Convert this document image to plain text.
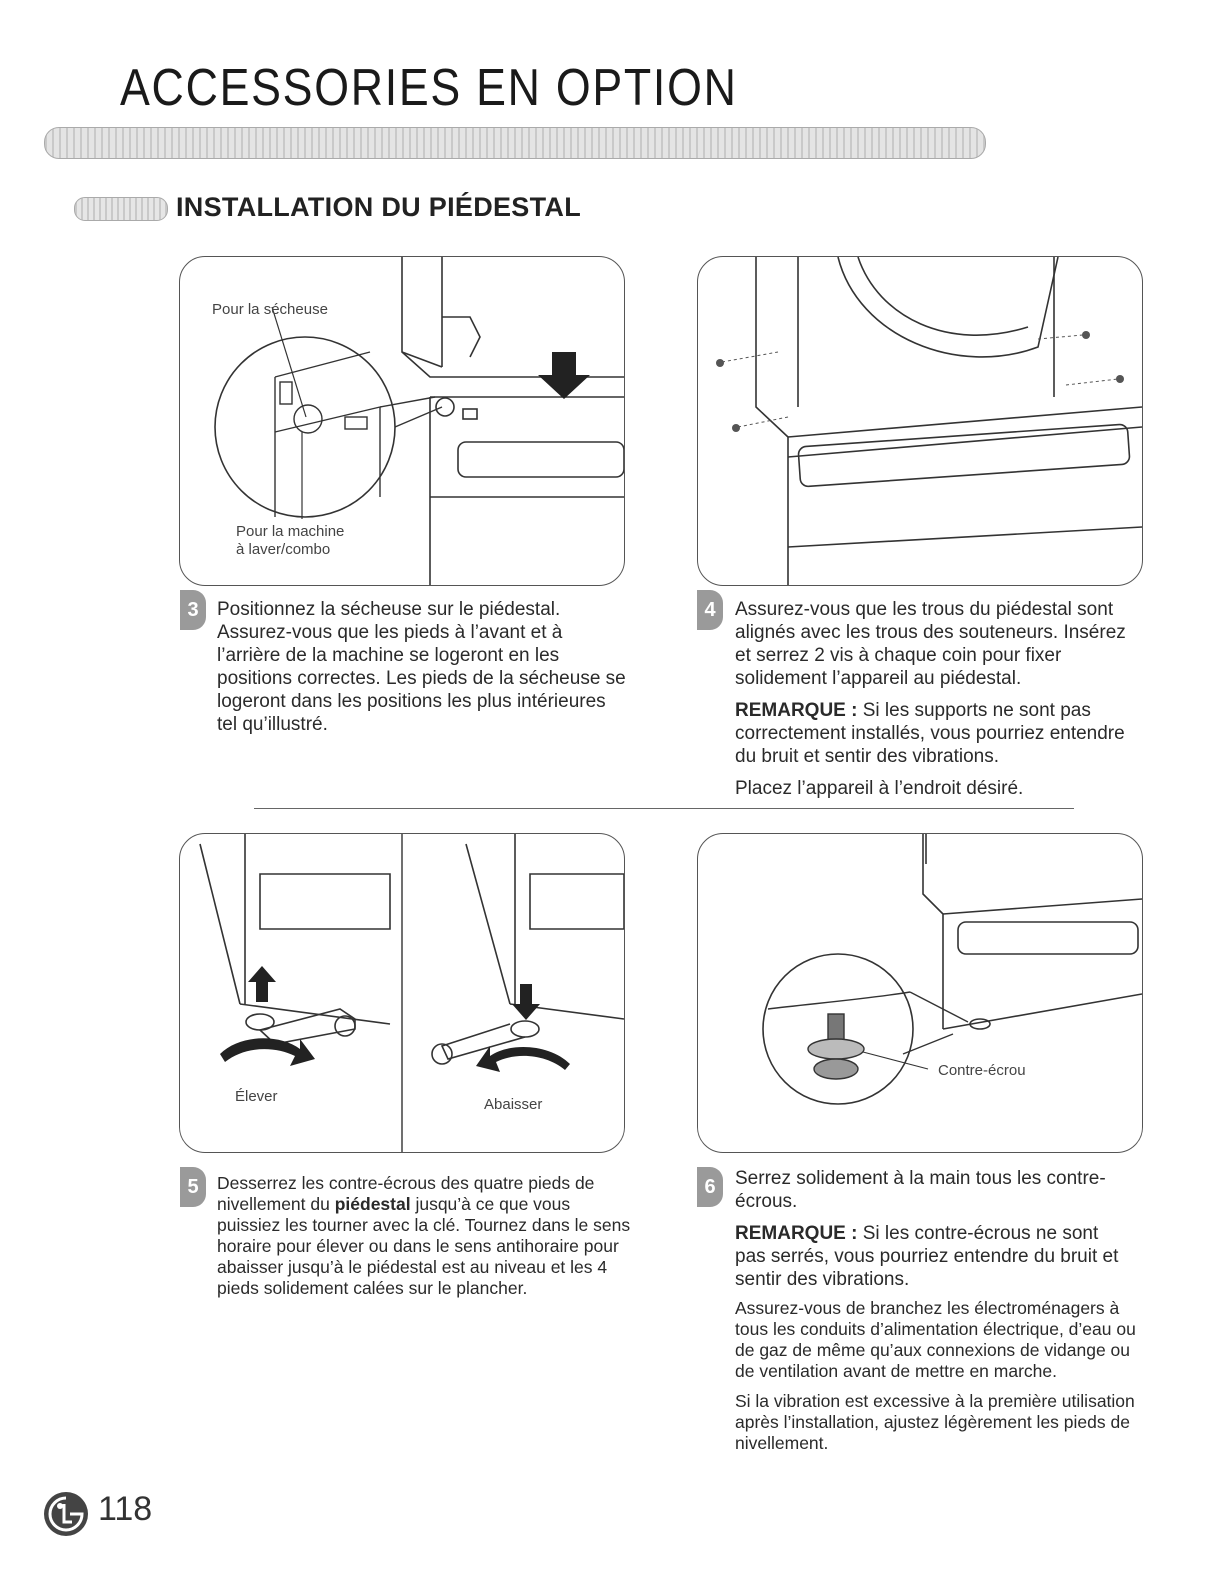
ACCESSORIES EN OPTION
INSTALLATION DU PIÉDESTAL
Pour la sécheuse
Pour la machine
à laver/combo
3 Positionnez la sécheuse sur le piédestal. Assurez-vous que les pieds à l’avant et à l’arrière de la machine se logeront en les positions correctes. Les pieds de la sécheuse se logeront dans les positions les plus intérieures tel qu’illustré.

4	Assurez-vous que les trous du piédestal sont alignés avec les trous des souteneurs. Insérez et serrez 2 vis à chaque coin pour fixer solidement l’appareil au piédestal.

REMARQUE : Si les supports ne sont pas correctement installés, vous pourriez entendre du bruit et sentir des vibrations.

Placez l’appareil à l’endroit désiré.

Élever	Abaisser
5	Desserrez les contre-écrous des quatre pieds de nivellement du piédestal jusqu’à ce que vous puissiez les tourner avec la clé. Tournez dans le sens horaire pour élever ou dans le sens antihoraire pour abaisser jusqu’à le piédestal est au niveau et les 4 pieds solidement calées sur le plancher.

Contre-écrou
6	Serrez solidement à la main tous les contre-écrous.

REMARQUE : Si les contre-écrous ne sont pas serrés, vous pourriez entendre du bruit et sentir des vibrations.

Assurez-vous de branchez les électroménagers à tous les conduits d’alimentation électrique, d’eau ou de gaz de même qu’aux connexions de vidange ou de ventilation avant de mettre en marche.

Si la vibration est excessive à la première utilisation après l’installation, ajustez légèrement les pieds de nivellement.

118
